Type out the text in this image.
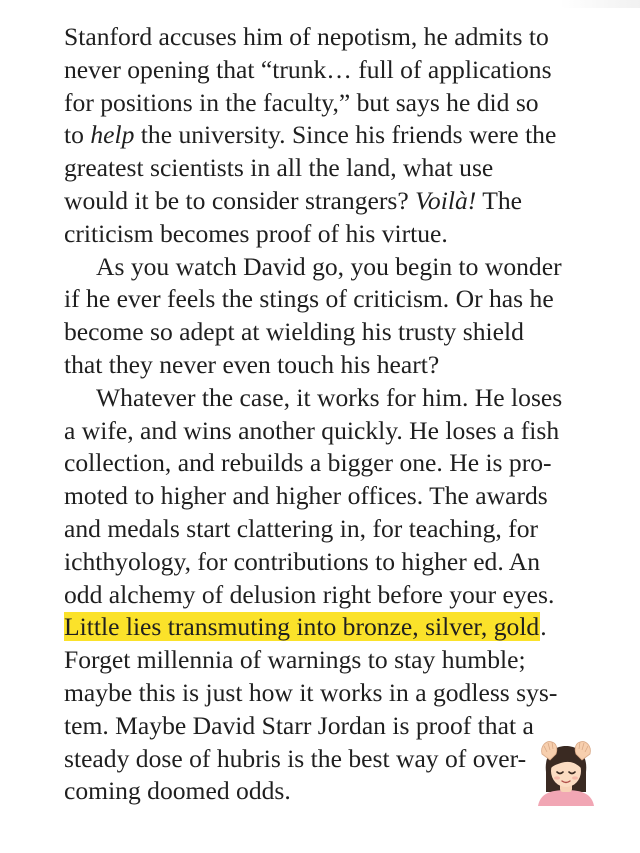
Stanford accuses him of nepotism, he admits to
never opening that “trunk… full of applications
for positions in the faculty,” but says he did so
to help the university. Since his friends were the
greatest scientists in all the land, what use
would it be to consider strangers? Voilà! The
criticism becomes proof of his virtue.
As you watch David go, you begin to wonder
if he ever feels the stings of criticism. Or has he
become so adept at wielding his trusty shield
that they never even touch his heart?
Whatever the case, it works for him. He loses
a wife, and wins another quickly. He loses a fish
collection, and rebuilds a bigger one. He is pro-
moted to higher and higher offices. The awards
and medals start clattering in, for teaching, for
ichthyology, for contributions to higher ed. An
odd alchemy of delusion right before your eyes.
Little lies transmuting into bronze, silver, gold.
Forget millennia of warnings to stay humble;
maybe this is just how it works in a godless sys-
tem. Maybe David Starr Jordan is proof that a
steady dose of hubris is the best way of over-
coming doomed odds.
